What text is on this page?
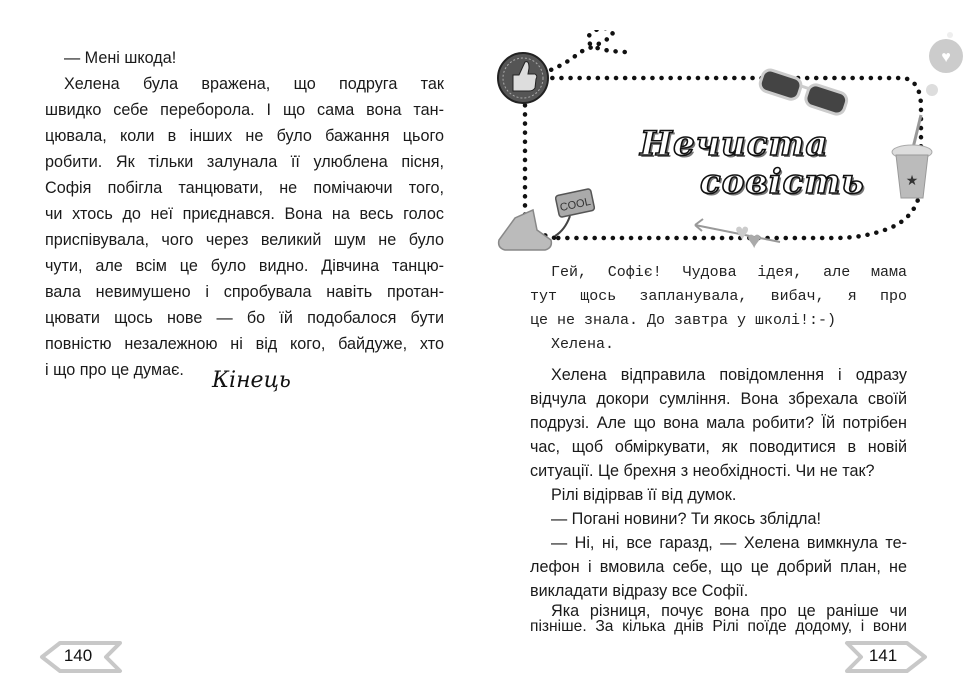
— Мені шкода!
Хелена була вражена, що подруга так
швидко себе переборола. І що сама вона тан-
цювала, коли в інших не було бажання цього
робити. Як тільки залунала її улюблена пісня,
Софія побігла танцювати, не помічаючи того,
чи хтось до неї приєднався. Вона на весь голос
приспівувала, чого через великий шум не було
чути, але всім це було видно. Дівчина танцю-
вала невимушено і спробувала навіть протан-
цювати щось нове — бо їй подобалося бути
повністю незалежною ні від кого, байдуже, хто
і що про це думає. Кінець
140
★
♥
COOL
♥
♥
Нечиста
совість
Гей, Софіє! Чудова ідея, але мама
тут щось запланувала, вибач, я про
це не знала. До завтра у школі!:-)
Хелена.
Хелена відправила повідомлення і одразу
відчула докори сумління. Вона збрехала своїй
подрузі. Але що вона мала робити? Їй потрібен
час, щоб обміркувати, як поводитися в новій
ситуації. Це брехня з необхідності. Чи не так?
Рілі відірвав її від думок.
— Погані новини? Ти якось зблідла!
— Ні, ні, все гаразд, — Хелена вимкнула те-
лефон і вмовила себе, що це добрий план, не
викладати відразу все Софії.
Яка різниця, почує вона про це раніше чи
пізніше. За кілька днів Рілі поїде додому, і вони
141
